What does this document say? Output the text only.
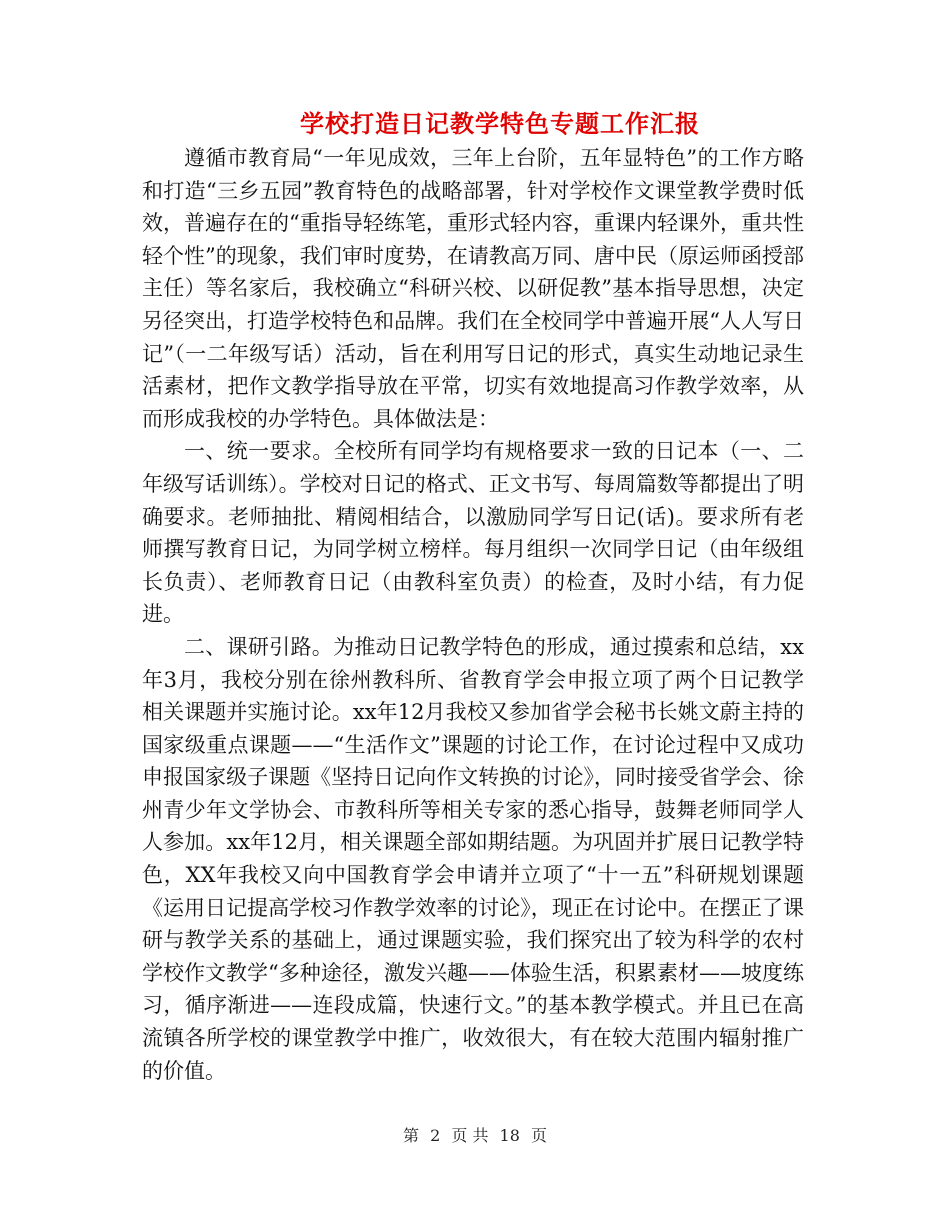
学校打造日记教学特色专题工作汇报

遵循市教育局“一年见成效，三年上台阶，五年显特色”的工作方略和打造“三乡五园”教育特色的战略部署，针对学校作文课堂教学费时低效，普遍存在的“重指导轻练笔，重形式轻内容，重课内轻课外，重共性轻个性”的现象，我们审时度势，在请教高万同、唐中民（原运师函授部主任）等名家后，我校确立“科研兴校、以研促教”基本指导思想，决定另径突出，打造学校特色和品牌。我们在全校同学中普遍开展“人人写日记”（一二年级写话）活动，旨在利用写日记的形式，真实生动地记录生活素材，把作文教学指导放在平常，切实有效地提高习作教学效率，从而形成我校的办学特色。具体做法是：

一、统一要求。全校所有同学均有规格要求一致的日记本（一、二年级写话训练）。学校对日记的格式、正文书写、每周篇数等都提出了明确要求。老师抽批、精阅相结合，以激励同学写日记(话)。要求所有老师撰写教育日记，为同学树立榜样。每月组织一次同学日记（由年级组长负责）、老师教育日记（由教科室负责）的检查，及时小结，有力促进。

二、课研引路。为推动日记教学特色的形成，通过摸索和总结，xx年3月，我校分别在徐州教科所、省教育学会申报立项了两个日记教学相关课题并实施讨论。xx年12月我校又参加省学会秘书长姚文蔚主持的国家级重点课题——“生活作文”课题的讨论工作，在讨论过程中又成功申报国家级子课题《坚持日记向作文转换的讨论》，同时接受省学会、徐州青少年文学协会、市教科所等相关专家的悉心指导，鼓舞老师同学人人参加。xx年12月，相关课题全部如期结题。为巩固并扩展日记教学特色，XX年我校又向中国教育学会申请并立项了“十一五”科研规划课题《运用日记提高学校习作教学效率的讨论》，现正在讨论中。在摆正了课研与教学关系的基础上，通过课题实验，我们探究出了较为科学的农村学校作文教学“多种途径，激发兴趣——体验生活，积累素材——坡度练习，循序渐进——连段成篇，快速行文。”的基本教学模式。并且已在高流镇各所学校的课堂教学中推广，收效很大，有在较大范围内辐射推广的价值。

第 2 页 共 18 页
